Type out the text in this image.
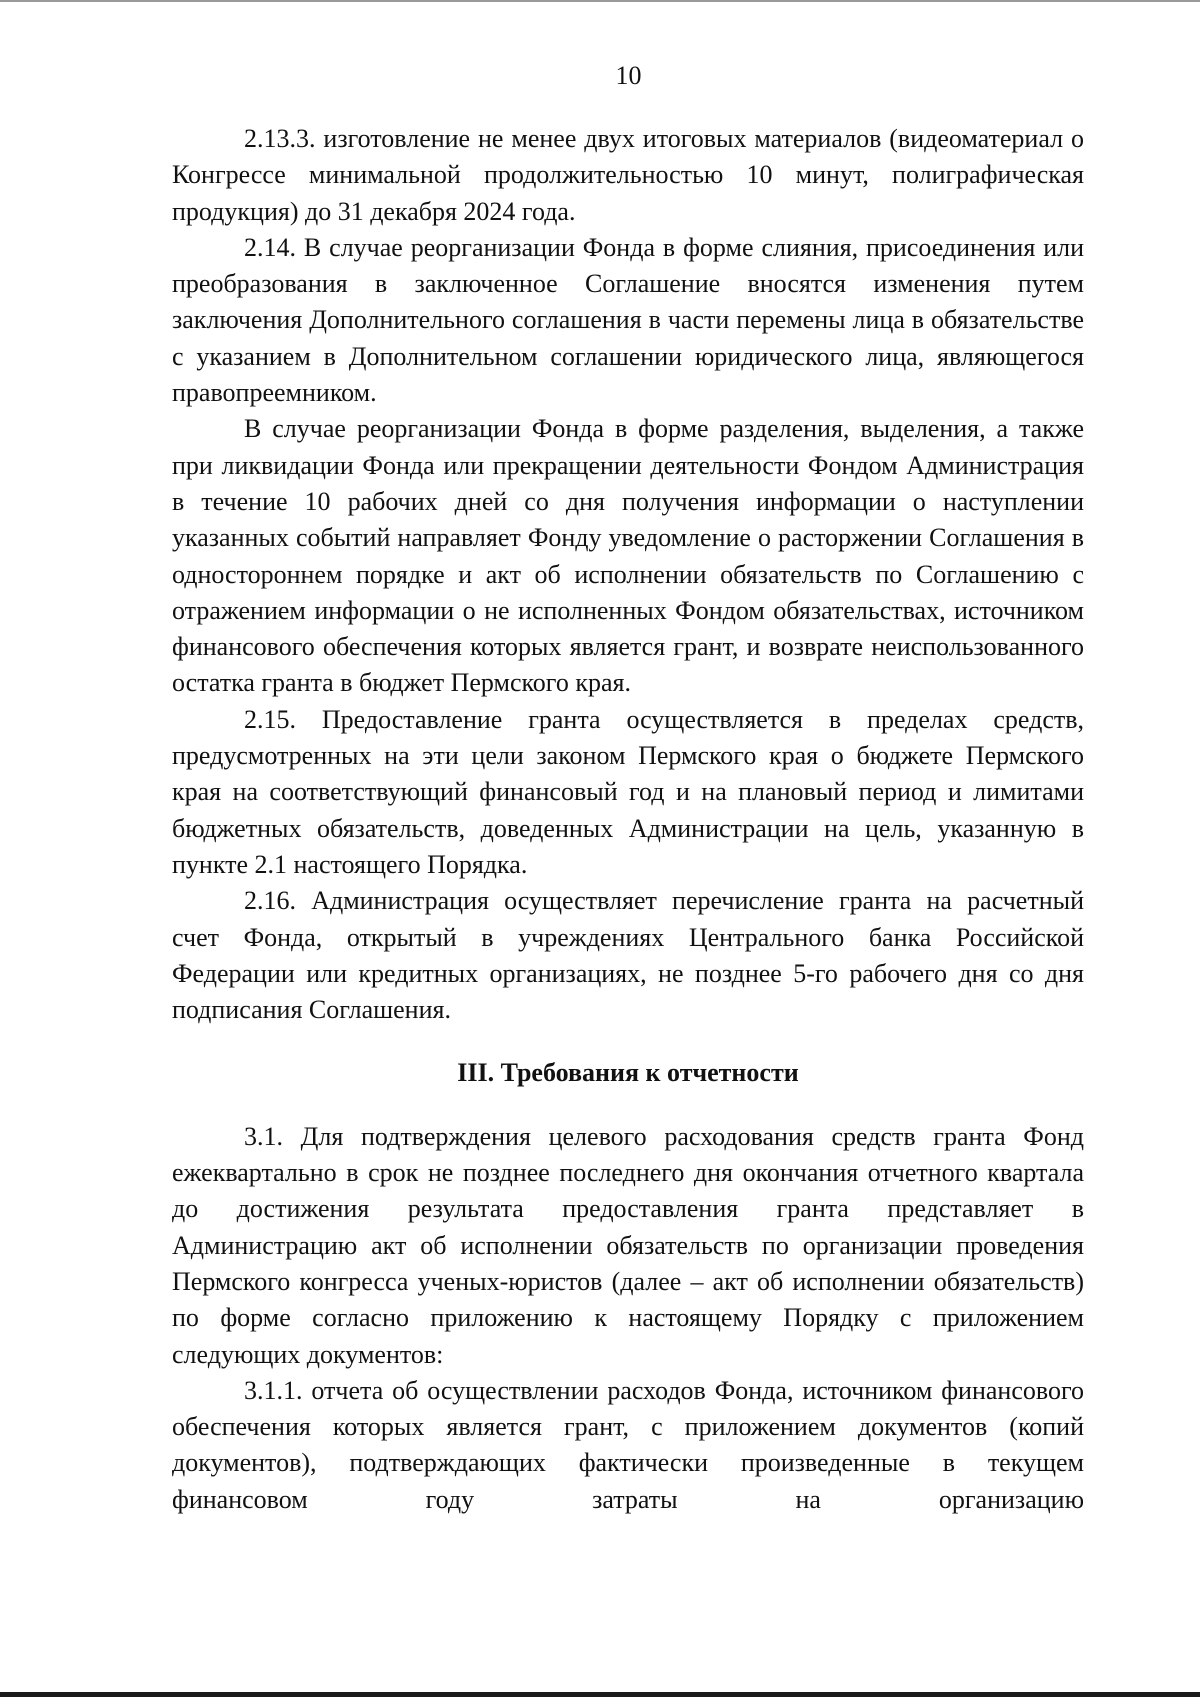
10

2.13.3. изготовление не менее двух итоговых материалов (видеоматериал о Конгрессе минимальной продолжительностью 10 минут, полиграфическая продукция) до 31 декабря 2024 года.

2.14. В случае реорганизации Фонда в форме слияния, присоединения или преобразования в заключенное Соглашение вносятся изменения путем заключения Дополнительного соглашения в части перемены лица в обязательстве с указанием в Дополнительном соглашении юридического лица, являющегося правопреемником.

В случае реорганизации Фонда в форме разделения, выделения, а также при ликвидации Фонда или прекращении деятельности Фондом Администрация в течение 10 рабочих дней со дня получения информации о наступлении указанных событий направляет Фонду уведомление о расторжении Соглашения в одностороннем порядке и акт об исполнении обязательств по Соглашению с отражением информации о не исполненных Фондом обязательствах, источником финансового обеспечения которых является грант, и возврате неиспользованного остатка гранта в бюджет Пермского края.

2.15. Предоставление гранта осуществляется в пределах средств, предусмотренных на эти цели законом Пермского края о бюджете Пермского края на соответствующий финансовый год и на плановый период и лимитами бюджетных обязательств, доведенных Администрации на цель, указанную в пункте 2.1 настоящего Порядка.

2.16. Администрация осуществляет перечисление гранта на расчетный счет Фонда, открытый в учреждениях Центрального банка Российской Федерации или кредитных организациях, не позднее 5-го рабочего дня со дня подписания Соглашения.

III. Требования к отчетности

3.1. Для подтверждения целевого расходования средств гранта Фонд ежеквартально в срок не позднее последнего дня окончания отчетного квартала до достижения результата предоставления гранта представляет в Администрацию акт об исполнении обязательств по организации проведения Пермского конгресса ученых-юристов (далее – акт об исполнении обязательств) по форме согласно приложению к настоящему Порядку с приложением следующих документов:

3.1.1. отчета об осуществлении расходов Фонда, источником финансового обеспечения которых является грант, с приложением документов (копий документов), подтверждающих фактически произведенные в текущем финансовом году затраты на организацию
